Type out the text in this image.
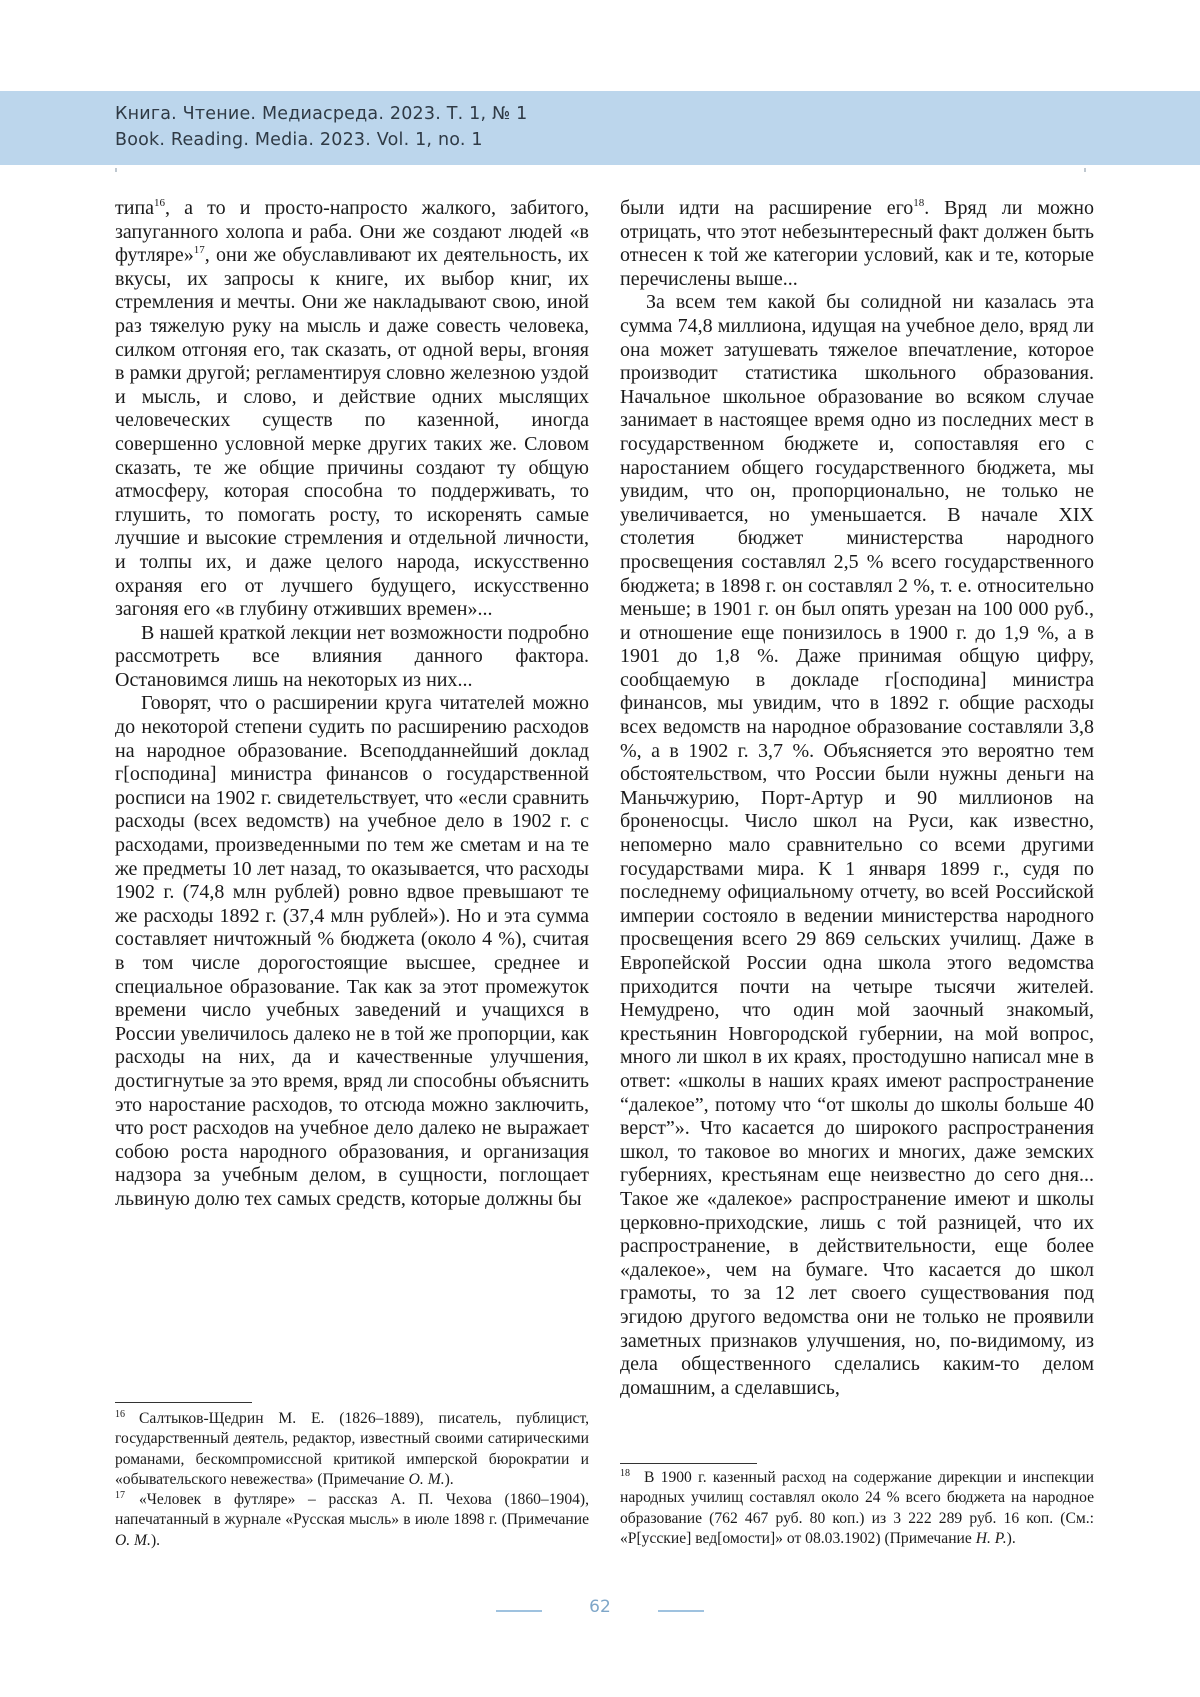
Книга. Чтение. Медиасреда. 2023. Т. 1, № 1
Book. Reading. Media. 2023. Vol. 1, no. 1

типа$^{16}$, а то и просто-напросто жалкого, забитого, запуганного холопа и раба. Они же создают людей «в футляре»$^{17}$, они же обуславливают их деятельность, их вкусы, их запросы к книге, их выбор книг, их стремления и мечты. Они же накладывают свою, иной раз тяжелую руку на мысль и даже совесть человека, силком отгоняя его, так сказать, от одной веры, вгоняя в рамки другой; регламентируя словно железною уздой и мысль, и слово, и действие одних мыслящих человеческих существ по казенной, иногда совершенно условной мерке других таких же. Словом сказать, те же общие причины создают ту общую атмосферу, которая способна то поддерживать, то глушить, то помогать росту, то искоренять самые лучшие и высокие стремления и отдельной личности, и толпы их, и даже целого народа, искусственно охраняя его от лучшего будущего, искусственно загоняя его «в глубину отживших времен»...

В нашей краткой лекции нет возможности подробно рассмотреть все влияния данного фактора. Остановимся лишь на некоторых из них...

Говорят, что о расширении круга читателей можно до некоторой степени судить по расширению расходов на народное образование. Всеподданнейший доклад г[осподина] министра финансов о государственной росписи на 1902 г. свидетельствует, что «если сравнить расходы (всех ведомств) на учебное дело в 1902 г. с расходами, произведенными по тем же сметам и на те же предметы 10 лет назад, то оказывается, что расходы 1902 г. (74,8 млн рублей) ровно вдвое превышают те же расходы 1892 г. (37,4 млн рублей»). Но и эта сумма составляет ничтожный % бюджета (около 4 %), считая в том числе дорогостоящие высшее, среднее и специальное образование. Так как за этот промежуток времени число учебных заведений и учащихся в России увеличилось далеко не в той же пропорции, как расходы на них, да и качественные улучшения, достигнутые за это время, вряд ли способны объяснить это наростание расходов, то отсюда можно заключить, что рост расходов на учебное дело далеко не выражает собою роста народного образования, и организация надзора за учебным делом, в сущности, поглощает львиную долю тех самых средств, которые должны бы

были идти на расширение его$^{18}$. Вряд ли можно отрицать, что этот небезынтересный факт должен быть отнесен к той же категории условий, как и те, которые перечислены выше...

За всем тем какой бы солидной ни казалась эта сумма 74,8 миллиона, идущая на учебное дело, вряд ли она может затушевать тяжелое впечатление, которое производит статистика школьного образования. Начальное школьное образование во всяком случае занимает в настоящее время одно из последних мест в государственном бюджете и, сопоставляя его с наростанием общего государственного бюджета, мы увидим, что он, пропорционально, не только не увеличивается, но уменьшается. В начале XIX столетия бюджет министерства народного просвещения составлял 2,5 % всего государственного бюджета; в 1898 г. он составлял 2 %, т. е. относительно меньше; в 1901 г. он был опять урезан на 100 000 руб., и отношение еще понизилось в 1900 г. до 1,9 %, а в 1901 до 1,8 %. Даже принимая общую цифру, сообщаемую в докладе г[осподина] министра финансов, мы увидим, что в 1892 г. общие расходы всех ведомств на народное образование составляли 3,8 %, а в 1902 г. 3,7 %. Объясняется это вероятно тем обстоятельством, что России были нужны деньги на Маньчжурию, Порт-Артур и 90 миллионов на броненосцы. Число школ на Руси, как известно, непомерно мало сравнительно со всеми другими государствами мира. К 1 января 1899 г., судя по последнему официальному отчету, во всей Российской империи состояло в ведении министерства народного просвещения всего 29 869 сельских училищ. Даже в Европейской России одна школа этого ведомства приходится почти на четыре тысячи жителей. Немудрено, что один мой заочный знакомый, крестьянин Новгородской губернии, на мой вопрос, много ли школ в их краях, простодушно написал мне в ответ: «школы в наших краях имеют распространение “далекое”, потому что “от школы до школы больше 40 верст”». Что касается до широкого распространения школ, то таковое во многих и многих, даже земских губерниях, крестьянам еще неизвестно до сего дня... Такое же «далекое» распространение имеют и школы церковно-приходские, лишь с той разницей, что их распространение, в действительности, еще более «далекое», чем на бумаге. Что касается до школ грамоты, то за 12 лет своего существования под эгидою другого ведомства они не только не проявили заметных признаков улучшения, но, по-видимому, из дела общественного сделались каким-то делом домашним, а сделавшись,

$^{16}$ Салтыков-Щедрин М. Е. (1826–1889), писатель, публицист, государственный деятель, редактор, известный своими сатирическими романами, бескомпромиссной критикой имперской бюрократии и «обывательского невежества» (Примечание О. М.).
$^{17}$ «Человек в футляре» – рассказ А. П. Чехова (1860–1904), напечатанный в журнале «Русская мысль» в июле 1898 г. (Примечание О. М.).
$^{18}$ В 1900 г. казенный расход на содержание дирекции и инспекции народных училищ составлял около 24 % всего бюджета на народное образование (762 467 руб. 80 коп.) из 3 222 289 руб. 16 коп. (См.: «Р[усские] вед[омости]» от 08.03.1902) (Примечание Н. Р.).
62
